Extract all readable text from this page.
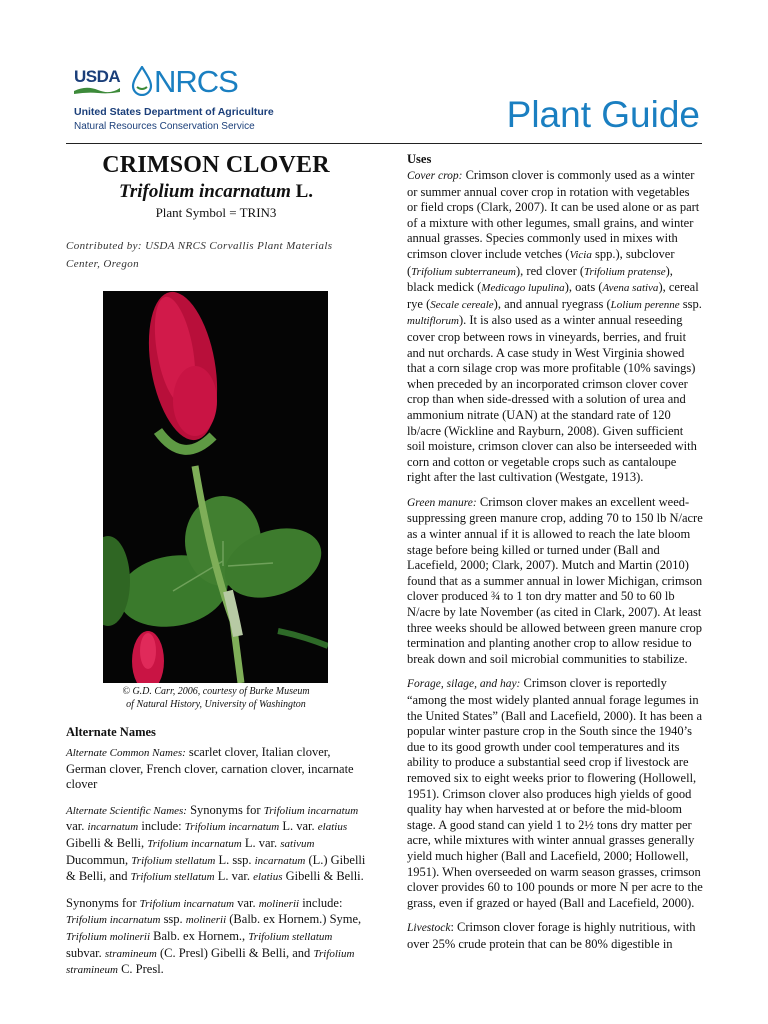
USDA NRCS
United States Department of Agriculture
Natural Resources Conservation Service	Plant Guide
CRIMSON CLOVER
Trifolium incarnatum L.
Plant Symbol = TRIN3
Contributed by: USDA NRCS Corvallis Plant Materials Center, Oregon
© G.D. Carr, 2006, courtesy of Burke Museum
of Natural History, University of Washington
Alternate Names

Alternate Common Names: scarlet clover, Italian clover, German clover, French clover, carnation clover, incarnate clover

Alternate Scientific Names: Synonyms for Trifolium incarnatum var. incarnatum include: Trifolium incarnatum L. var. elatius Gibelli & Belli, Trifolium incarnatum L. var. sativum Ducommun, Trifolium stellatum L. ssp. incarnatum (L.) Gibelli & Belli, and Trifolium stellatum L. var. elatius Gibelli & Belli.

Synonyms for Trifolium incarnatum var. molinerii include: Trifolium incarnatum ssp. molinerii (Balb. ex Hornem.) Syme, Trifolium molinerii Balb. ex Hornem., Trifolium stellatum subvar. stramineum (C. Presl) Gibelli & Belli, and Trifolium stramineum C. Presl.

Uses

Cover crop: Crimson clover is commonly used as a winter or summer annual cover crop in rotation with vegetables or field crops (Clark, 2007). It can be used alone or as part of a mixture with other legumes, small grains, and winter annual grasses. Species commonly used in mixes with crimson clover include vetches (Vicia spp.), subclover (Trifolium subterraneum), red clover (Trifolium pratense), black medick (Medicago lupulina), oats (Avena sativa), cereal rye (Secale cereale), and annual ryegrass (Lolium perenne ssp. multiflorum). It is also used as a winter annual reseeding cover crop between rows in vineyards, berries, and fruit and nut orchards. A case study in West Virginia showed that a corn silage crop was more profitable (10% savings) when preceded by an incorporated crimson clover cover crop than when side-dressed with a solution of urea and ammonium nitrate (UAN) at the standard rate of 120 lb/acre (Wickline and Rayburn, 2008). Given sufficient soil moisture, crimson clover can also be interseeded with corn and cotton or vegetable crops such as cantaloupe right after the last cultivation (Westgate, 1913).

Green manure: Crimson clover makes an excellent weed-suppressing green manure crop, adding 70 to 150 lb N/acre as a winter annual if it is allowed to reach the late bloom stage before being killed or turned under (Ball and Lacefield, 2000; Clark, 2007). Mutch and Martin (2010) found that as a summer annual in lower Michigan, crimson clover produced ¾ to 1 ton dry matter and 50 to 60 lb N/acre by late November (as cited in Clark, 2007). At least three weeks should be allowed between green manure crop termination and planting another crop to allow residue to break down and soil microbial communities to stabilize.

Forage, silage, and hay: Crimson clover is reportedly “among the most widely planted annual forage legumes in the United States” (Ball and Lacefield, 2000). It has been a popular winter pasture crop in the South since the 1940’s due to its good growth under cool temperatures and its ability to produce a substantial seed crop if livestock are removed six to eight weeks prior to flowering (Hollowell, 1951). Crimson clover also produces high yields of good quality hay when harvested at or before the mid-bloom stage. A good stand can yield 1 to 2½ tons dry matter per acre, while mixtures with winter annual grasses generally yield much higher (Ball and Lacefield, 2000; Hollowell, 1951). When overseeded on warm season grasses, crimson clover provides 60 to 100 pounds or more N per acre to the grass, even if grazed or hayed (Ball and Lacefield, 2000).

Livestock: Crimson clover forage is highly nutritious, with over 25% crude protein that can be 80% digestible in
